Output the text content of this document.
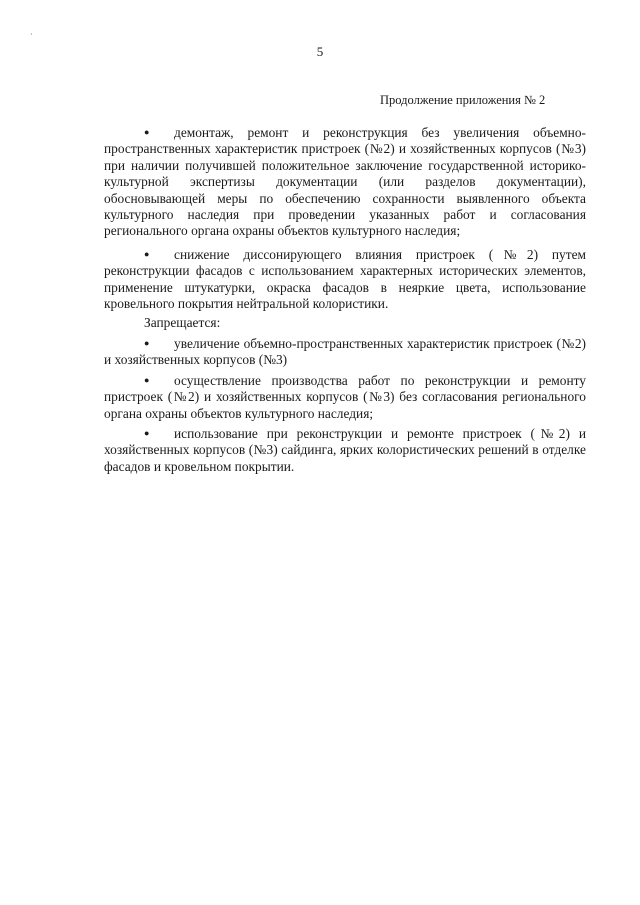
·
5
Продолжение приложения № 2

● демонтаж, ремонт и реконструкция без увеличения объемно-пространственных характеристик пристроек (№2) и хозяйственных корпусов (№3) при наличии получившей положительное заключение государственной историко-культурной экспертизы документации (или разделов документации), обосновывающей меры по обеспечению сохранности выявленного объекта культурного наследия при проведении указанных работ и согласования регионального органа охраны объектов культурного наследия;

● снижение диссонирующего влияния пристроек (№2) путем реконструкции фасадов с использованием характерных исторических элементов, применение штукатурки, окраска фасадов в неяркие цвета, использование кровельного покрытия нейтральной колористики.

Запрещается:

● увеличение объемно-пространственных характеристик пристроек (№2) и хозяйственных корпусов (№3)

● осуществление производства работ по реконструкции и ремонту пристроек (№2) и хозяйственных корпусов (№3) без согласования регионального органа охраны объектов культурного наследия;

● использование при реконструкции и ремонте пристроек (№2) и хозяйственных корпусов (№3) сайдинга, ярких колористических решений в отделке фасадов и кровельном покрытии.
